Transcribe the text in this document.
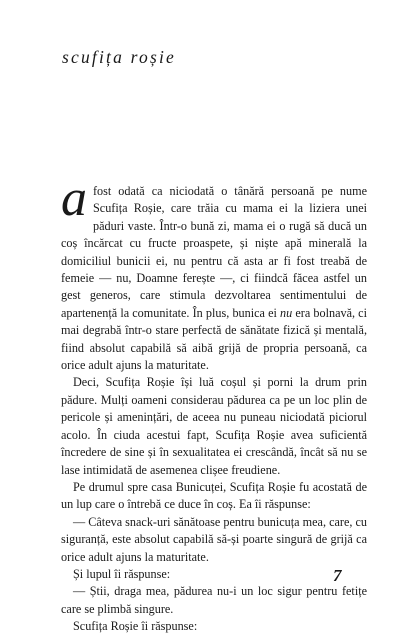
scufița roșie

a fost odată ca niciodată o tânără persoană pe nume Scufița Roșie, care trăia cu mama ei la liziera unei păduri vaste. Într-o bună zi, mama ei o rugă să ducă un coș încărcat cu fructe proaspete, și niște apă minerală la domiciliul bunicii ei, nu pentru că asta ar fi fost treabă de femeie — nu, Doamne ferește —, ci fiindcă făcea astfel un gest generos, care stimula dezvoltarea sentimentului de apartenență la comunitate. În plus, bunica ei nu era bolnavă, ci mai degrabă într-o stare perfectă de sănătate fizică și mentală, fiind absolut capabilă să aibă grijă de propria persoană, ca orice adult ajuns la maturitate.

Deci, Scufița Roșie își luă coșul și porni la drum prin pădure. Mulți oameni considerau pădurea ca pe un loc plin de pericole și amenințări, de aceea nu puneau niciodată piciorul acolo. În ciuda acestui fapt, Scufița Roșie avea suficientă încredere de sine și în sexualitatea ei crescândă, încât să nu se lase intimidată de asemenea clișee freudiene.

Pe drumul spre casa Bunicuței, Scufița Roșie fu acostată de un lup care o întrebă ce duce în coș. Ea îi răspunse:

— Câteva snack-uri sănătoase pentru bunicuța mea, care, cu siguranță, este absolut capabilă să-și poarte singură de grijă ca orice adult ajuns la maturitate.

Și lupul îi răspunse:

— Știi, draga mea, pădurea nu-i un loc sigur pentru fetițe care se plimbă singure.

Scufița Roșie îi răspunse:

7
